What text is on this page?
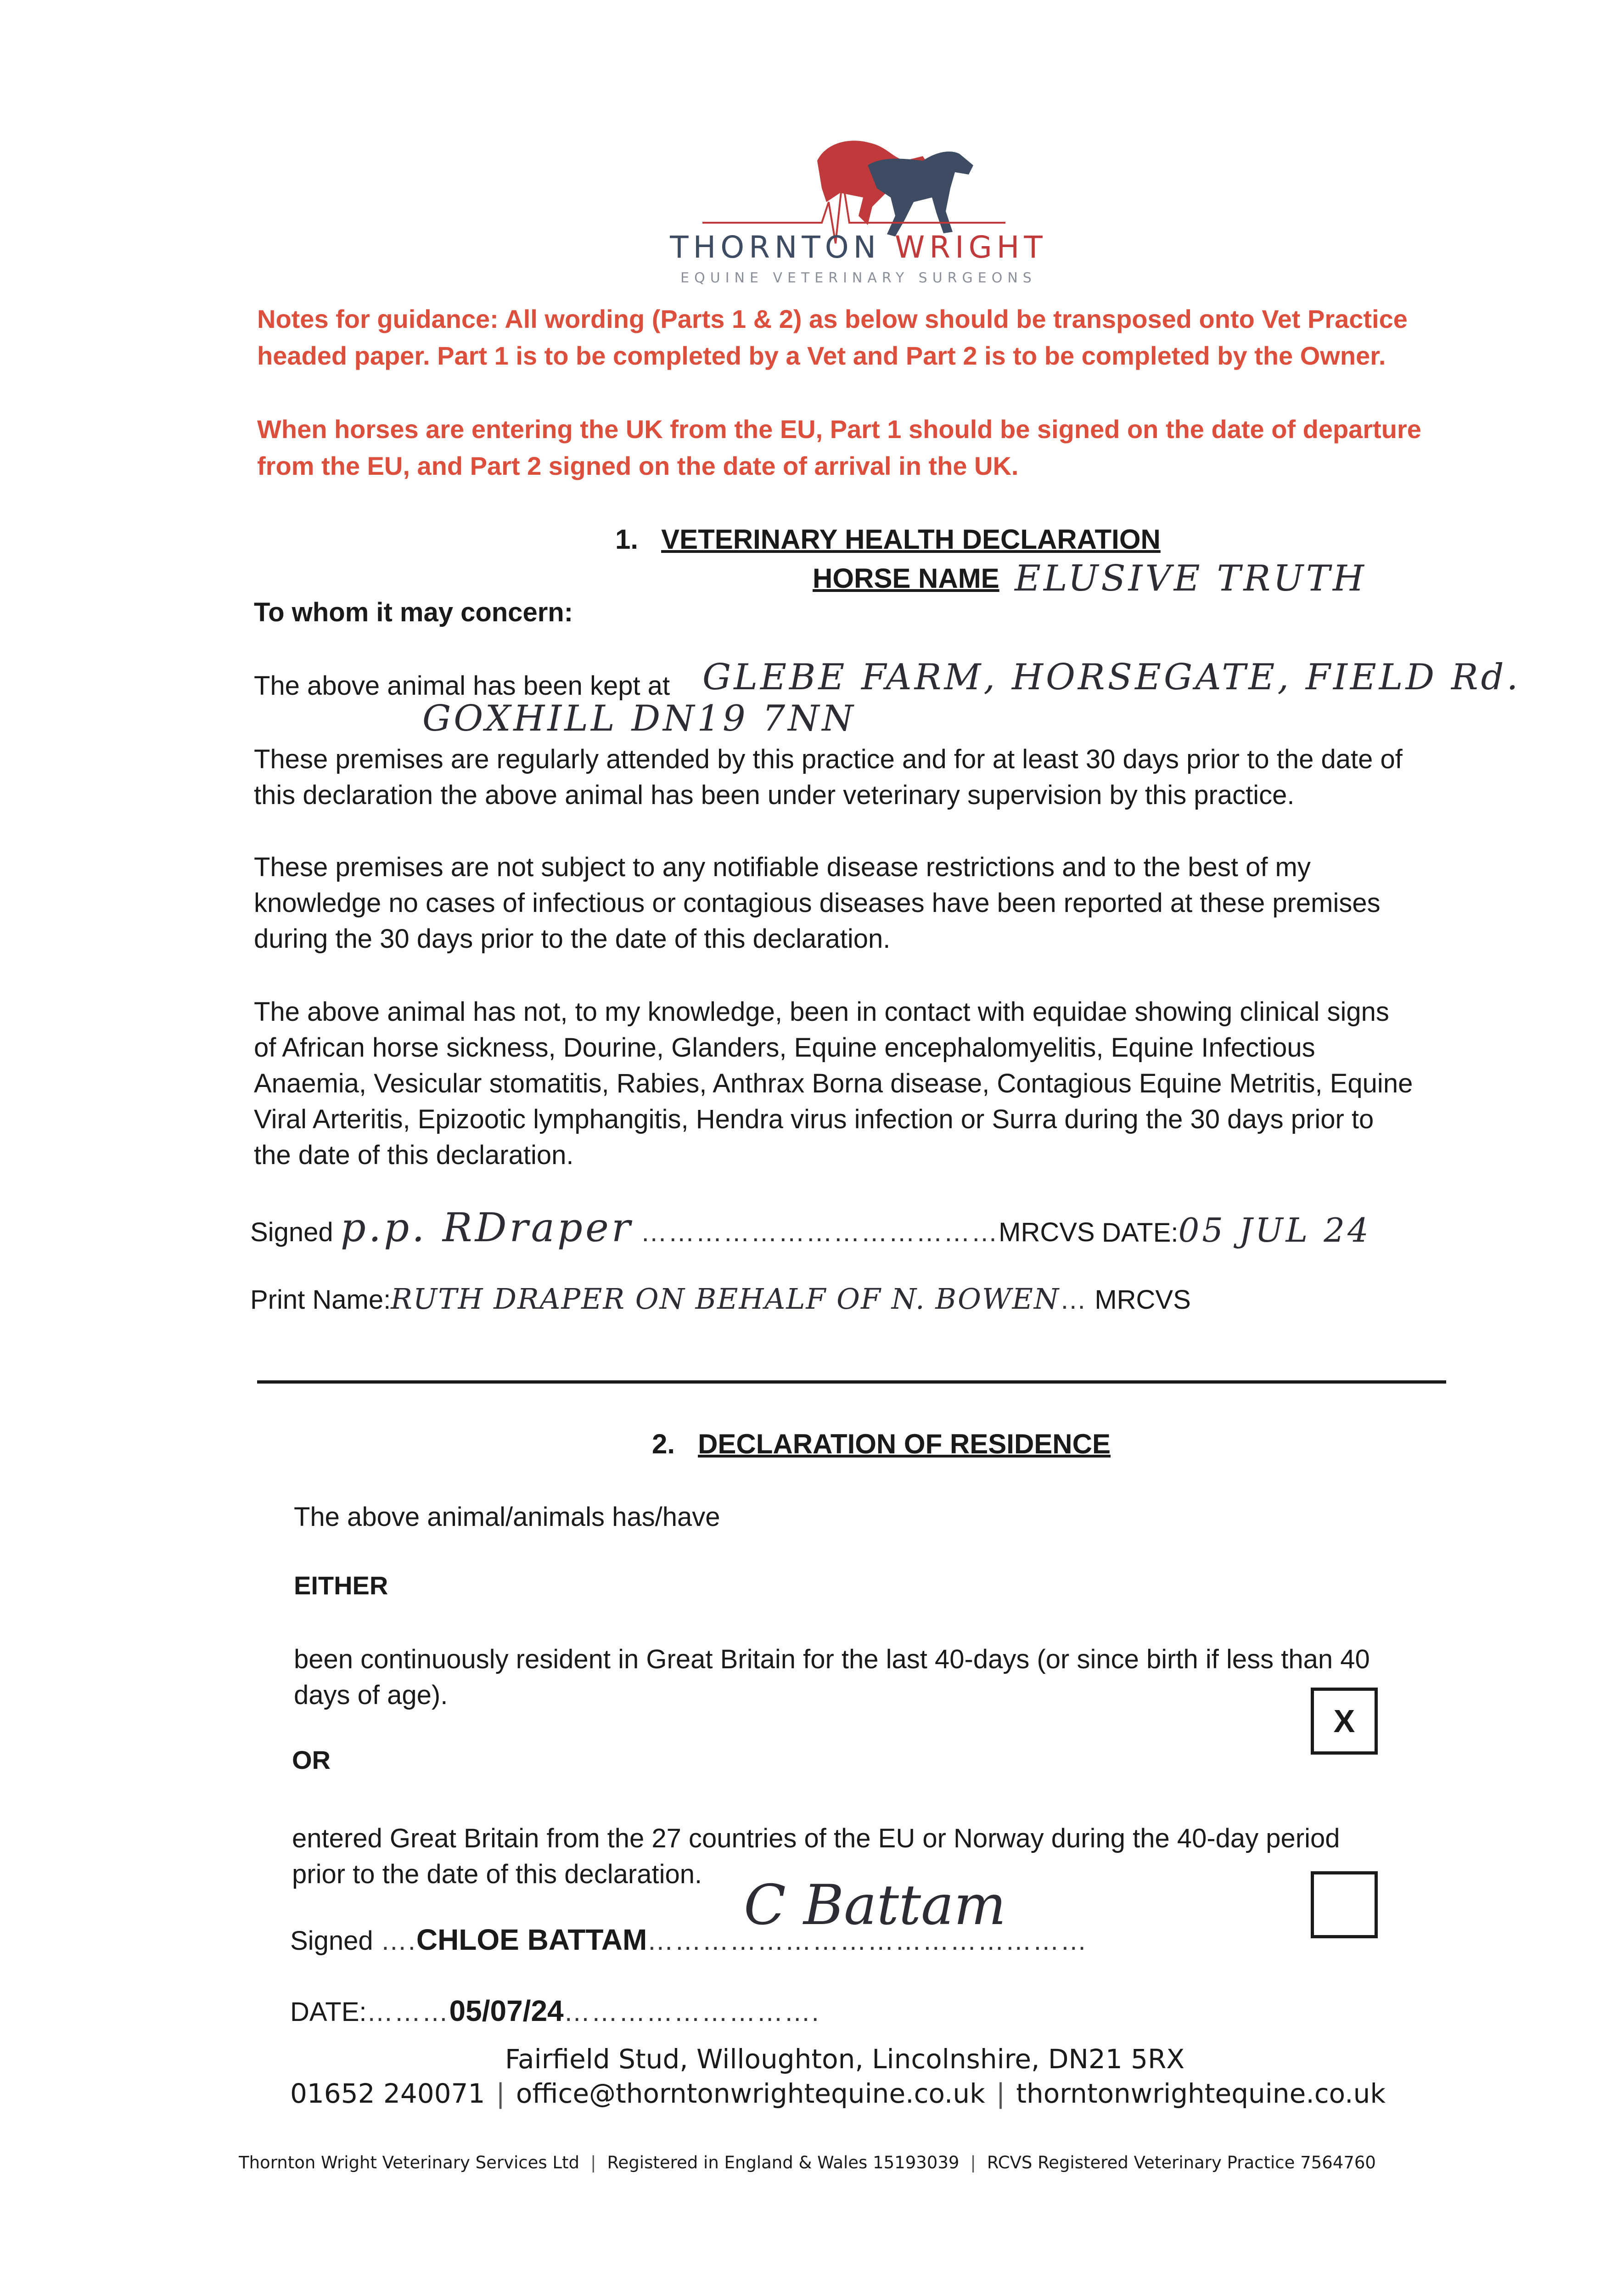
THORNTON WRIGHT
EQUINE VETERINARY SURGEONS
Notes for guidance: All wording (Parts 1 & 2) as below should be transposed onto Vet Practice
headed paper. Part 1 is to be completed by a Vet and Part 2 is to be completed by the Owner.
When horses are entering the UK from the EU, Part 1 should be signed on the date of departure
from the EU, and Part 2 signed on the date of arrival in the UK.
1. VETERINARY HEALTH DECLARATION
HORSE NAME ELUSIVE TRUTH
To whom it may concern:
The above animal has been kept at GLEBE FARM, HORSEGATE, FIELD Rd.
GOXHILL DN19 7NN
These premises are regularly attended by this practice and for at least 30 days prior to the date of
this declaration the above animal has been under veterinary supervision by this practice.
These premises are not subject to any notifiable disease restrictions and to the best of my
knowledge no cases of infectious or contagious diseases have been reported at these premises
during the 30 days prior to the date of this declaration.
The above animal has not, to my knowledge, been in contact with equidae showing clinical signs
of African horse sickness, Dourine, Glanders, Equine encephalomyelitis, Equine Infectious
Anaemia, Vesicular stomatitis, Rabies, Anthrax Borna disease, Contagious Equine Metritis, Equine
Viral Arteritis, Epizootic lymphangitis, Hendra virus infection or Surra during the 30 days prior to
the date of this declaration.
Signed p.p. RDraper …………………………………MRCVS DATE:05 JUL 24
Print Name:RUTH DRAPER ON BEHALF OF N. BOWEN… MRCVS
2. DECLARATION OF RESIDENCE
The above animal/animals has/have
EITHER
been continuously resident in Great Britain for the last 40-days (or since birth if less than 40
days of age).
X
OR
entered Great Britain from the 27 countries of the EU or Norway during the 40-day period
prior to the date of this declaration.
Signed ….CHLOE BATTAM…………………………………………
C Battam
DATE:………05/07/24……………………….
Fairfield Stud, Willoughton, Lincolnshire, DN21 5RX
01652 240071 | office@thorntonwrightequine.co.uk | thorntonwrightequine.co.uk
Thornton Wright Veterinary Services Ltd | Registered in England & Wales 15193039 | RCVS Registered Veterinary Practice 7564760
